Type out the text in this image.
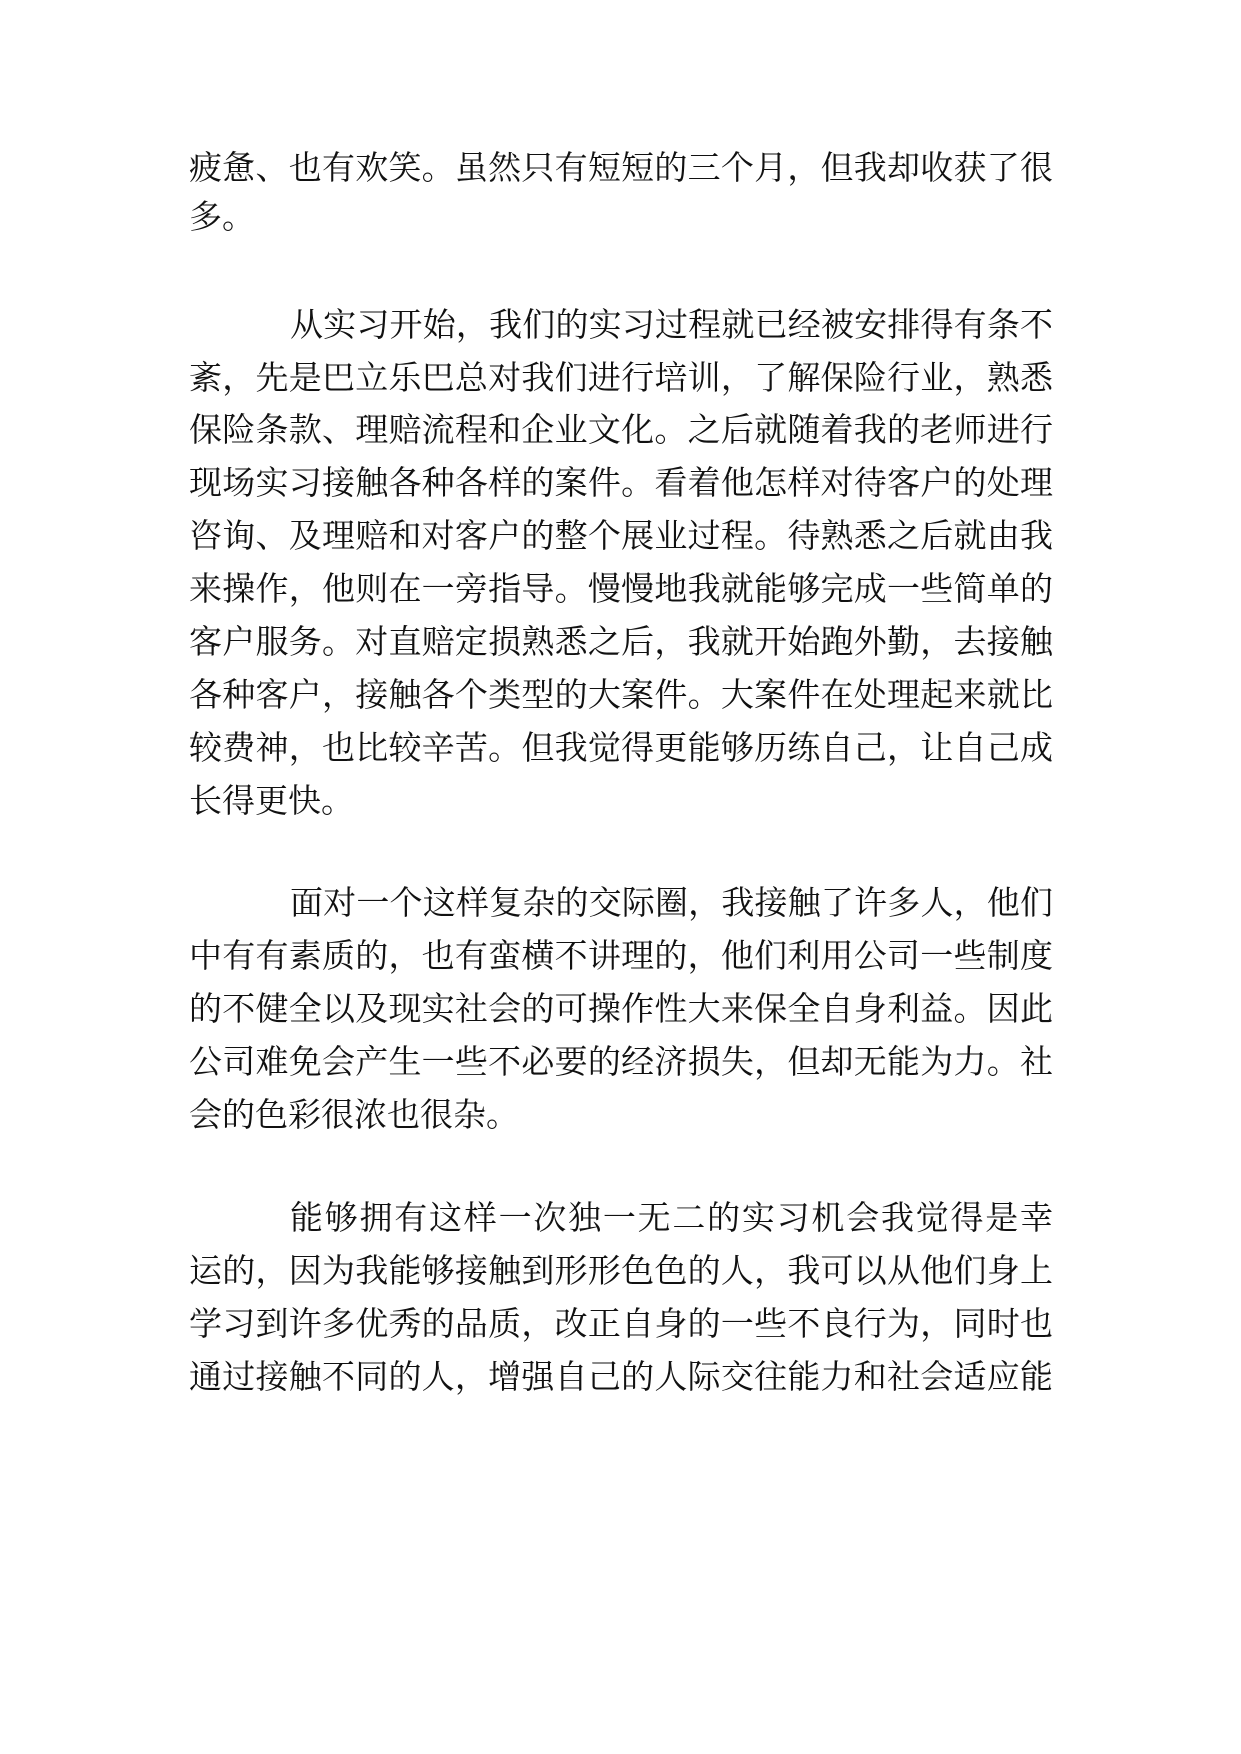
疲惫、也有欢笑。虽然只有短短的三个月，但我却收获了很
多。
从实习开始，我们的实习过程就已经被安排得有条不
紊，先是巴立乐巴总对我们进行培训，了解保险行业，熟悉
保险条款、理赔流程和企业文化。之后就随着我的老师进行
现场实习接触各种各样的案件。看着他怎样对待客户的处理
咨询、及理赔和对客户的整个展业过程。待熟悉之后就由我
来操作，他则在一旁指导。慢慢地我就能够完成一些简单的
客户服务。对直赔定损熟悉之后，我就开始跑外勤，去接触
各种客户，接触各个类型的大案件。大案件在处理起来就比
较费神，也比较辛苦。但我觉得更能够历练自己，让自己成
长得更快。
面对一个这样复杂的交际圈，我接触了许多人，他们
中有有素质的，也有蛮横不讲理的，他们利用公司一些制度
的不健全以及现实社会的可操作性大来保全自身利益。因此
公司难免会产生一些不必要的经济损失，但却无能为力。社
会的色彩很浓也很杂。
能够拥有这样一次独一无二的实习机会我觉得是幸
运的，因为我能够接触到形形色色的人，我可以从他们身上
学习到许多优秀的品质，改正自身的一些不良行为，同时也
通过接触不同的人，增强自己的人际交往能力和社会适应能
